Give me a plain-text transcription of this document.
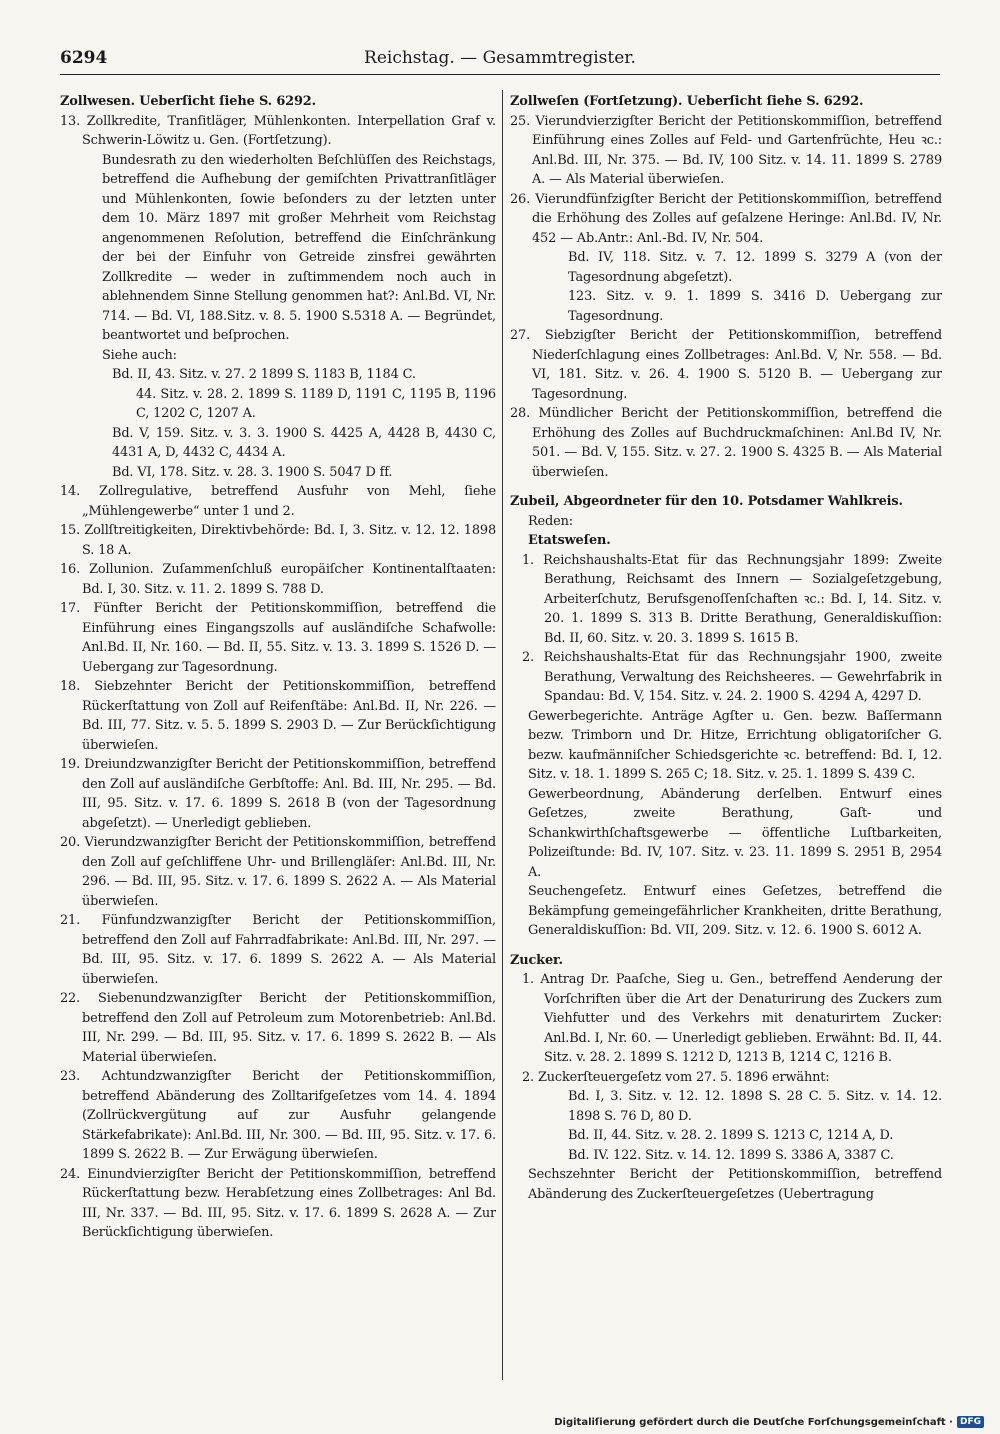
6294	Reichstag. — Gesammtregister.

Zollwesen. Ueberſicht ſiehe S. 6292.

13. Zollkredite, Tranſitläger, Mühlenkonten. Interpellation Graf v. Schwerin-Löwitz u. Gen. (Fortſetzung).

Bundesrath zu den wiederholten Beſchlüſſen des Reichstags, betreffend die Aufhebung der gemiſchten Privattranſitläger und Mühlenkonten, ſowie beſonders zu der letzten unter dem 10. März 1897 mit großer Mehrheit vom Reichstag angenommenen Reſolution, betreffend die Einſchränkung der bei der Einfuhr von Getreide zinsfrei gewährten Zollkredite — weder in zuſtimmendem noch auch in ablehnendem Sinne Stellung genommen hat?: Anl.Bd. VI, Nr. 714. — Bd. VI, 188.Sitz. v. 8. 5. 1900 S.5318 A. — Begründet, beantwortet und beſprochen.

Siehe auch:

Bd. II, 43. Sitz. v. 27. 2 1899 S. 1183 B, 1184 C.

44. Sitz. v. 28. 2. 1899 S. 1189 D, 1191 C, 1195 B, 1196 C, 1202 C, 1207 A.

Bd. V, 159. Sitz. v. 3. 3. 1900 S. 4425 A, 4428 B, 4430 C, 4431 A, D, 4432 C, 4434 A.

Bd. VI, 178. Sitz. v. 28. 3. 1900 S. 5047 D ff.

14. Zollregulative, betreffend Ausfuhr von Mehl, ſiehe „Mühlengewerbe“ unter 1 und 2.

15. Zollſtreitigkeiten, Direktivbehörde: Bd. I, 3. Sitz. v. 12. 12. 1898 S. 18 A.

16. Zollunion. Zuſammenſchluß europäiſcher Kontinentalſtaaten: Bd. I, 30. Sitz. v. 11. 2. 1899 S. 788 D.

17. Fünfter Bericht der Petitionskommiſſion, betreffend die Einführung eines Eingangszolls auf ausländiſche Schafwolle: Anl.Bd. II, Nr. 160. — Bd. II, 55. Sitz. v. 13. 3. 1899 S. 1526 D. — Uebergang zur Tagesordnung.

18. Siebzehnter Bericht der Petitionskommiſſion, betreffend Rückerſtattung von Zoll auf Reifenſtäbe: Anl.Bd. II, Nr. 226. — Bd. III, 77. Sitz. v. 5. 5. 1899 S. 2903 D. — Zur Berückſichtigung überwieſen.

19. Dreiundzwanzigſter Bericht der Petitionskommiſſion, betreffend den Zoll auf ausländiſche Gerbſtoffe: Anl. Bd. III, Nr. 295. — Bd. III, 95. Sitz. v. 17. 6. 1899 S. 2618 B (von der Tagesordnung abgeſetzt). — Unerledigt geblieben.

20. Vierundzwanzigſter Bericht der Petitionskommiſſion, betreffend den Zoll auf geſchliffene Uhr- und Brillengläſer: Anl.Bd. III, Nr. 296. — Bd. III, 95. Sitz. v. 17. 6. 1899 S. 2622 A. — Als Material überwieſen.

21. Fünfundzwanzigſter Bericht der Petitionskommiſſion, betreffend den Zoll auf Fahrradfabrikate: Anl.Bd. III, Nr. 297. — Bd. III, 95. Sitz. v. 17. 6. 1899 S. 2622 A. — Als Material überwieſen.

22. Siebenundzwanzigſter Bericht der Petitionskommiſſion, betreffend den Zoll auf Petroleum zum Motorenbetrieb: Anl.Bd. III, Nr. 299. — Bd. III, 95. Sitz. v. 17. 6. 1899 S. 2622 B. — Als Material überwieſen.

23. Achtundzwanzigſter Bericht der Petitionskommiſſion, betreffend Abänderung des Zolltarifgeſetzes vom 14. 4. 1894 (Zollrückvergütung auf zur Ausfuhr gelangende Stärkefabrikate): Anl.Bd. III, Nr. 300. — Bd. III, 95. Sitz. v. 17. 6. 1899 S. 2622 B. — Zur Erwägung überwieſen.

24. Einundvierzigſter Bericht der Petitionskommiſſion, betreffend Rückerſtattung bezw. Herabſetzung eines Zollbetrages: Anl Bd. III, Nr. 337. — Bd. III, 95. Sitz. v. 17. 6. 1899 S. 2628 A. — Zur Berückſichtigung überwieſen.

Zollweſen (Fortſetzung). Ueberſicht ſiehe S. 6292.

25. Vierundvierzigſter Bericht der Petitionskommiſſion, betreffend Einführung eines Zolles auf Feld- und Gartenfrüchte, Heu ꝛc.: Anl.Bd. III, Nr. 375. — Bd. IV, 100 Sitz. v. 14. 11. 1899 S. 2789 A. — Als Material überwieſen.

26. Vierundfünfzigſter Bericht der Petitionskommiſſion, betreffend die Erhöhung des Zolles auf geſalzene Heringe: Anl.Bd. IV, Nr. 452 — Ab.Antr.: Anl.-Bd. IV, Nr. 504.

Bd. IV, 118. Sitz. v. 7. 12. 1899 S. 3279 A (von der Tagesordnung abgeſetzt).

123. Sitz. v. 9. 1. 1899 S. 3416 D. Uebergang zur Tagesordnung.

27. Siebzigſter Bericht der Petitionskommiſſion, betreffend Niederſchlagung eines Zollbetrages: Anl.Bd. V, Nr. 558. — Bd. VI, 181. Sitz. v. 26. 4. 1900 S. 5120 B. — Uebergang zur Tagesordnung.

28. Mündlicher Bericht der Petitionskommiſſion, betreffend die Erhöhung des Zolles auf Buchdruckmaſchinen: Anl.Bd IV, Nr. 501. — Bd. V, 155. Sitz. v. 27. 2. 1900 S. 4325 B. — Als Material überwieſen.

Zubeil, Abgeordneter für den 10. Potsdamer Wahlkreis.

Reden:

Etatsweſen.

1. Reichshaushalts-Etat für das Rechnungsjahr 1899: Zweite Berathung, Reichsamt des Innern — Sozialgeſetzgebung, Arbeiterſchutz, Berufsgenoſſenſchaften ꝛc.: Bd. I, 14. Sitz. v. 20. 1. 1899 S. 313 B. Dritte Berathung, Generaldiskuſſion: Bd. II, 60. Sitz. v. 20. 3. 1899 S. 1615 B.

2. Reichshaushalts-Etat für das Rechnungsjahr 1900, zweite Berathung, Verwaltung des Reichsheeres. — Gewehrfabrik in Spandau: Bd. V, 154. Sitz. v. 24. 2. 1900 S. 4294 A, 4297 D.

Gewerbegerichte. Anträge Agſter u. Gen. bezw. Baſſermann bezw. Trimborn und Dr. Hitze, Errichtung obligatoriſcher G. bezw. kaufmänniſcher Schiedsgerichte ꝛc. betreffend: Bd. I, 12. Sitz. v. 18. 1. 1899 S. 265 C; 18. Sitz. v. 25. 1. 1899 S. 439 C.

Gewerbeordnung, Abänderung derſelben. Entwurf eines Geſetzes, zweite Berathung, Gaſt- und Schankwirthſchaftsgewerbe — öffentliche Luſtbarkeiten, Polizeiſtunde: Bd. IV, 107. Sitz. v. 23. 11. 1899 S. 2951 B, 2954 A.

Seuchengeſetz. Entwurf eines Geſetzes, betreffend die Bekämpfung gemeingefährlicher Krankheiten, dritte Berathung, Generaldiskuſſion: Bd. VII, 209. Sitz. v. 12. 6. 1900 S. 6012 A.

Zucker.

1. Antrag Dr. Paaſche, Sieg u. Gen., betreffend Aenderung der Vorſchriften über die Art der Denaturirung des Zuckers zum Viehfutter und des Verkehrs mit denaturirtem Zucker: Anl.Bd. I, Nr. 60. — Unerledigt geblieben. Erwähnt: Bd. II, 44. Sitz. v. 28. 2. 1899 S. 1212 D, 1213 B, 1214 C, 1216 B.

2. Zuckerſteuergeſetz vom 27. 5. 1896 erwähnt:

Bd. I, 3. Sitz. v. 12. 12. 1898 S. 28 C. 5. Sitz. v. 14. 12. 1898 S. 76 D, 80 D.

Bd. II, 44. Sitz. v. 28. 2. 1899 S. 1213 C, 1214 A, D.

Bd. IV. 122. Sitz. v. 14. 12. 1899 S. 3386 A, 3387 C.

Sechszehnter Bericht der Petitionskommiſſion, betreffend Abänderung des Zuckerſteuergeſetzes (Uebertragung

Digitaliſierung gefördert durch die Deutſche Forſchungsgemeinſchaft · DFG
